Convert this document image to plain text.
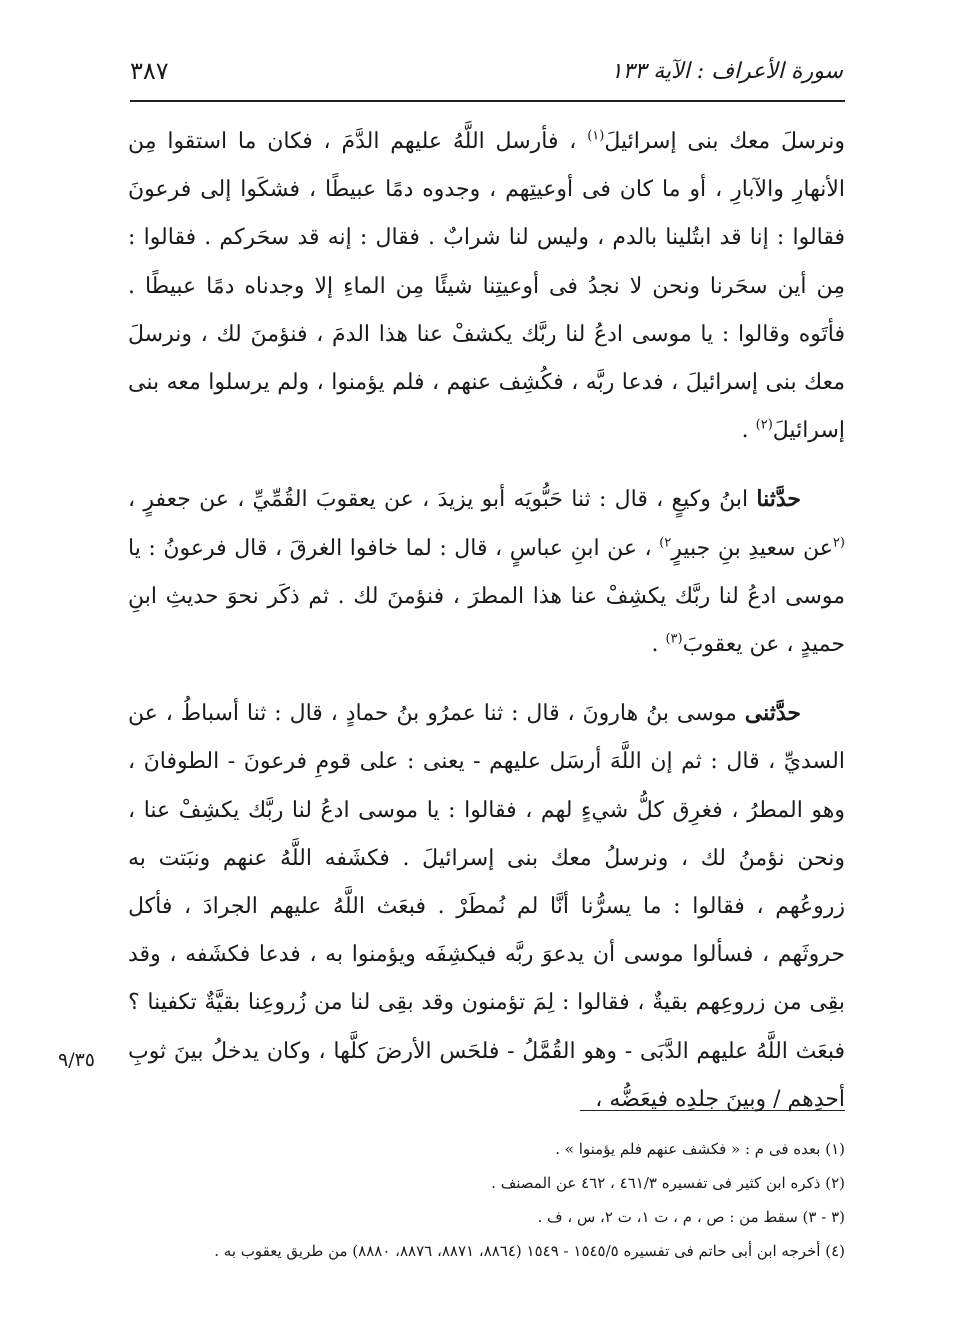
سورة الأعراف : الآية ١٣٣
٣٨٧

ونرسلَ معك بنى إسرائيلَ$^{(١)}$ ، فأرسل اللَّهُ عليهم الدَّمَ ، فكان ما استقوا مِن الأنهارِ والآبارِ ، أو ما كان فى أوعيتِهم ، وجدوه دمًا عبيطًا ، فشكَوا إلى فرعونَ فقالوا : إنا قد ابتُلينا بالدم ، وليس لنا شرابٌ . فقال : إنه قد سحَركم . فقالوا : مِن أين سحَرنا ونحن لا نجدُ فى أوعيتِنا شيئًا مِن الماءِ إلا وجدناه دمًا عبيطًا . فأتَوه وقالوا : يا موسى ادعُ لنا ربَّك يكشفْ عنا هذا الدمَ ، فنؤمنَ لك ، ونرسلَ معك بنى إسرائيلَ ، فدعا ربَّه ، فكُشِف عنهم ، فلم يؤمنوا ، ولم يرسلوا معه بنى إسرائيلَ$^{(٢)}$ .

حدَّثنا ابنُ وكيعٍ ، قال : ثنا حَبُّويَه أبو يزيدَ ، عن يعقوبَ القُمِّيِّ ، عن جعفرٍ ، $^{(٢}$عن سعيدِ بنِ جبيرٍ$^{٢)}$ ، عن ابنِ عباسٍ ، قال : لما خافوا الغرقَ ، قال فرعونُ : يا موسى ادعُ لنا ربَّك يكشِفْ عنا هذا المطرَ ، فنؤمنَ لك . ثم ذكَر نحوَ حديثِ ابنِ حميدٍ ، عن يعقوبَ$^{(٣)}$ .

حدَّثنى موسى بنُ هارونَ ، قال : ثنا عمرُو بنُ حمادٍ ، قال : ثنا أسباطُ ، عن السديِّ ، قال : ثم إن اللَّهَ أرسَل عليهم - يعنى : على قومِ فرعونَ - الطوفانَ ، وهو المطرُ ، فغرِق كلُّ شيءٍ لهم ، فقالوا : يا موسى ادعُ لنا ربَّك يكشِفْ عنا ، ونحن نؤمنُ لك ، ونرسلُ معك بنى إسرائيلَ . فكشَفه اللَّهُ عنهم ونبَتت به زروعُهم ، فقالوا : ما يسرُّنا أنَّا لم نُمطَرْ . فبعَث اللَّهُ عليهم الجرادَ ، فأكل حروثَهم ، فسألوا موسى أن يدعوَ ربَّه فيكشِفَه ويؤمنوا به ، فدعا فكشَفه ، وقد بقِى من زروعِهم بقيةٌ ، فقالوا : لِمَ تؤمنون وقد بقِى لنا من زُروعِنا بقيَّةٌ تكفينا ؟ فبعَث اللَّهُ عليهم الدَّبَى - وهو القُمَّلُ - فلحَس الأرضَ كلَّها ، وكان يدخلُ بينَ ثوبِ أحدِهم / وبينَ جلدِه فيعَضُّه ،

٩/٣٥

(١) بعده فى م : « فكشف عنهم فلم يؤمنوا » .

(٢) ذكره ابن كثير فى تفسيره ٤٦١/٣ ، ٤٦٢ عن المصنف .

(٣ - ٣) سقط من : ص ، م ، ت ١، ت ٢، س ، ف .

(٤) أخرجه ابن أبى حاتم فى تفسيره ١٥٤٥/٥ - ١٥٤٩ (٨٨٦٤، ٨٨٧١، ٨٨٧٦، ٨٨٨٠) من طريق يعقوب به .
